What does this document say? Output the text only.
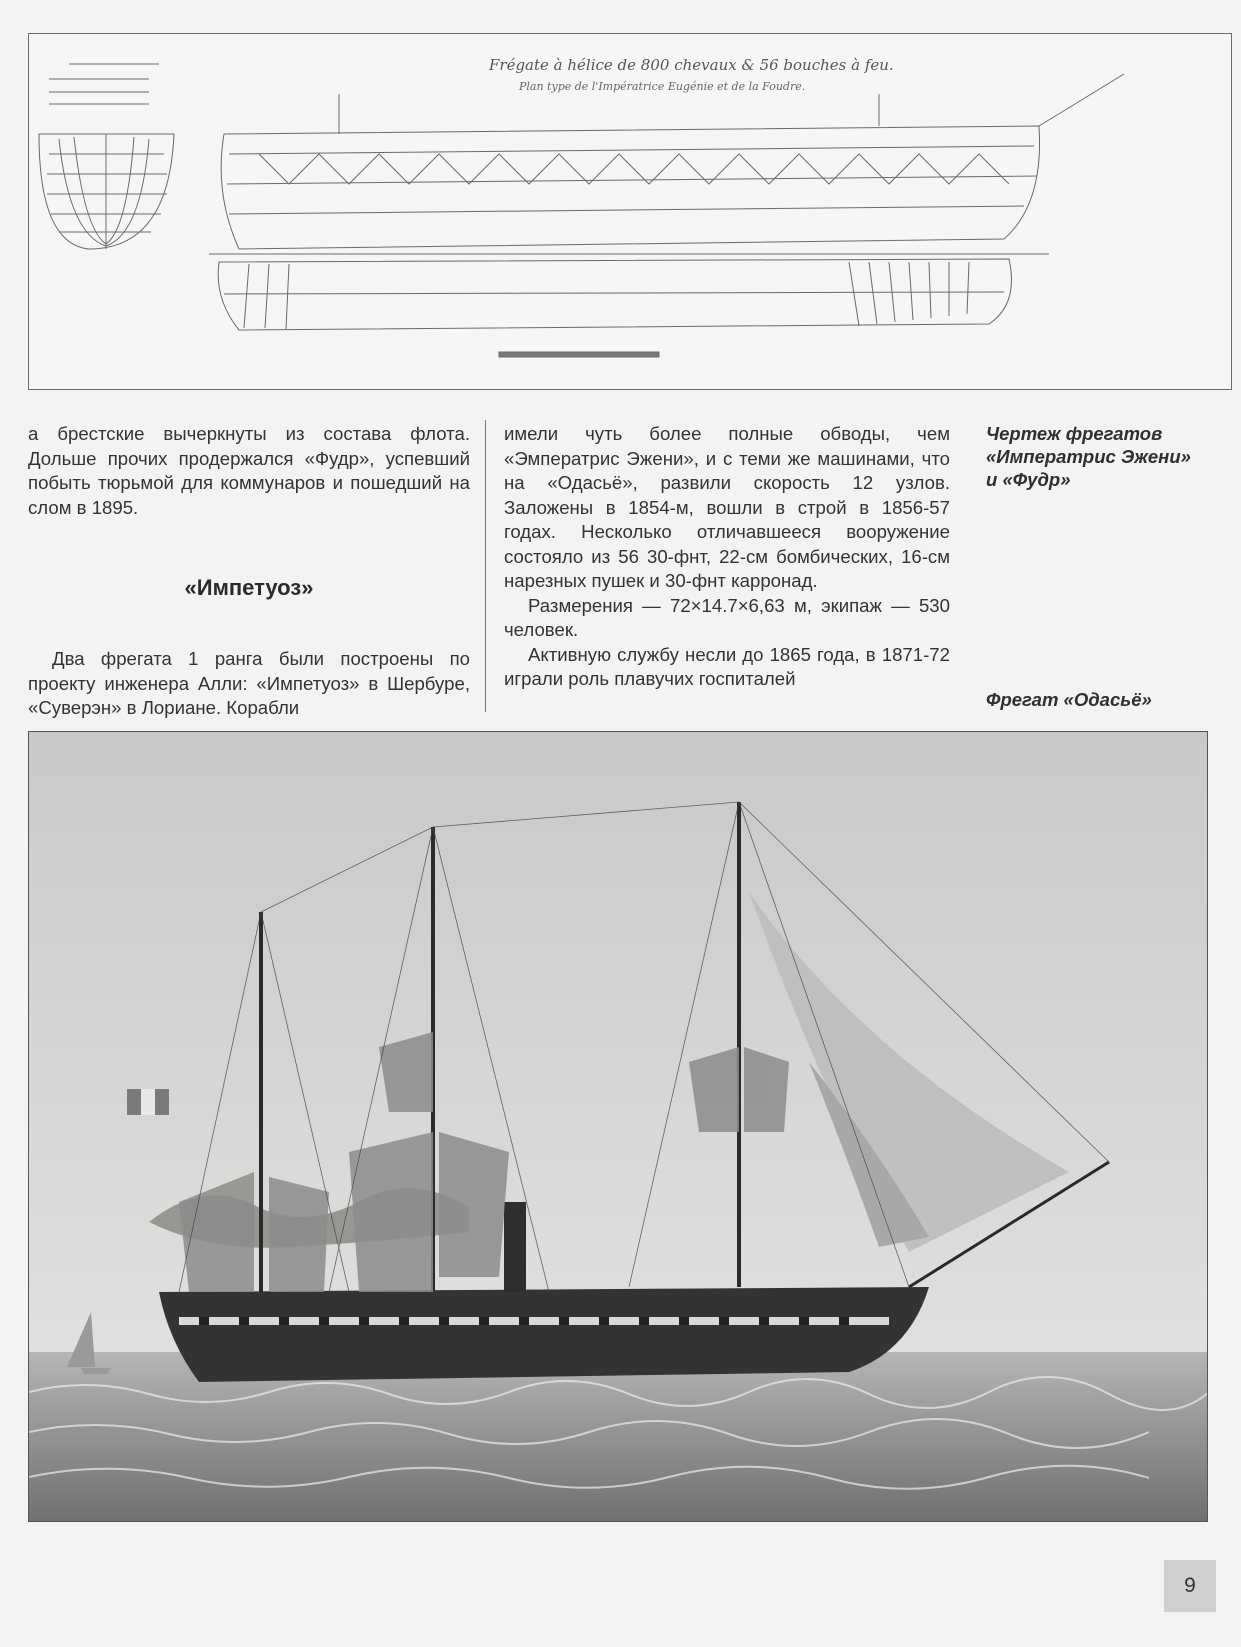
Frégate à hélice de 800 chevaux & 56 bouches à feu.
Plan type de l'Impératrice Eugénie et de la Foudre.

а брестские вычеркнуты из состава флота. Дольше прочих продержался «Фудр», успевший побыть тюрьмой для коммунаров и пошедший на слом в 1895.

«Импетуоз»

Два фрегата 1 ранга были построены по проекту инженера Алли: «Импетуоз» в Шербуре, «Суверэн» в Лориане. Корабли

имели чуть более полные обводы, чем «Эмператрис Эжени», и с теми же машинами, что на «Одасьё», развили скорость 12 узлов. Заложены в 1854-м, вошли в строй в 1856-57 годах. Несколько отличавшееся вооружение состояло из 56 30-фнт, 22-см бомбических, 16-см нарезных пушек и 30-фнт карронад.

Размерения — 72×14.7×6,63 м, экипаж — 530 человек.

Активную службу несли до 1865 года, в 1871-72 играли роль плавучих госпиталей

Чертеж фрегатов «Императрис Эжени» и «Фудр»
Фрегат «Одасьё»
9
